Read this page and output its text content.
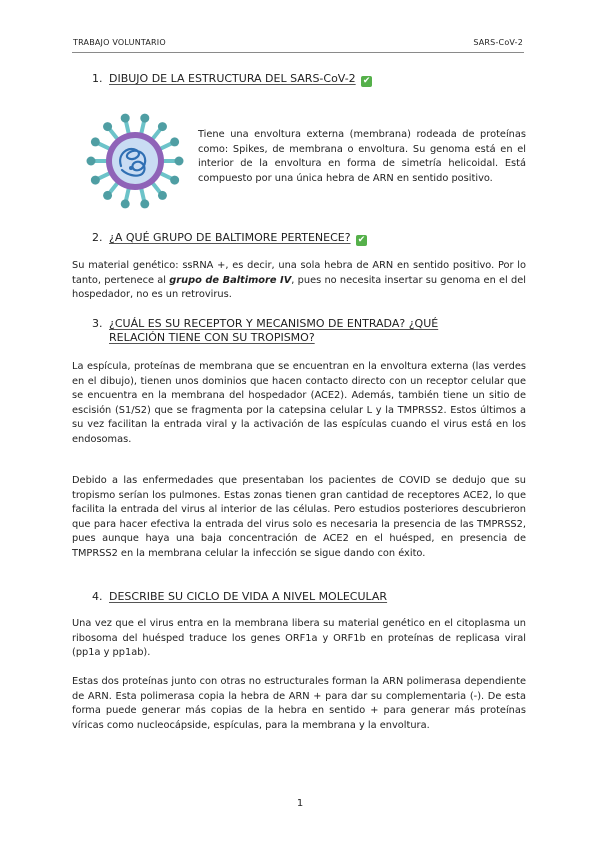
TRABAJO VOLUNTARIO	SARS-CoV-2
1. DIBUJO DE LA ESTRUCTURA DEL SARS-CoV-2 ✔
Tiene una envoltura externa (membrana) rodeada de proteínas como: Spikes, de membrana o envoltura. Su genoma está en el interior de la envoltura en forma de simetría helicoidal. Está compuesto por una única hebra de ARN en sentido positivo.
2. ¿A QUÉ GRUPO DE BALTIMORE PERTENECE? ✔
Su material genético: ssRNA +, es decir, una sola hebra de ARN en sentido positivo. Por lo tanto, pertenece al grupo de Baltimore IV, pues no necesita insertar su genoma en el del hospedador, no es un retrovirus.
3. ¿CUÁL ES SU RECEPTOR Y MECANISMO DE ENTRADA? ¿QUÉ
RELACIÓN TIENE CON SU TROPISMO?
La espícula, proteínas de membrana que se encuentran en la envoltura externa (las verdes en el dibujo), tienen unos dominios que hacen contacto directo con un receptor celular que se encuentra en la membrana del hospedador (ACE2). Además, también tiene un sitio de escisión (S1/S2) que se fragmenta por la catepsina celular L y la TMPRSS2. Estos últimos a su vez facilitan la entrada viral y la activación de las espículas cuando el virus está en los endosomas.
Debido a las enfermedades que presentaban los pacientes de COVID se dedujo que su tropismo serían los pulmones. Estas zonas tienen gran cantidad de receptores ACE2, lo que facilita la entrada del virus al interior de las células. Pero estudios posteriores descubrieron que para hacer efectiva la entrada del virus solo es necesaria la presencia de las TMPRSS2, pues aunque haya una baja concentración de ACE2 en el huésped, en presencia de TMPRSS2 en la membrana celular la infección se sigue dando con éxito.
4. DESCRIBE SU CICLO DE VIDA A NIVEL MOLECULAR
Una vez que el virus entra en la membrana libera su material genético en el citoplasma un ribosoma del huésped traduce los genes ORF1a y ORF1b en proteínas de replicasa viral (pp1a y pp1ab).
Estas dos proteínas junto con otras no estructurales forman la ARN polimerasa dependiente de ARN. Esta polimerasa copia la hebra de ARN + para dar su complementaria (-). De esta forma puede generar más copias de la hebra en sentido + para generar más proteínas víricas como nucleocápside, espículas, para la membrana y la envoltura.
1
